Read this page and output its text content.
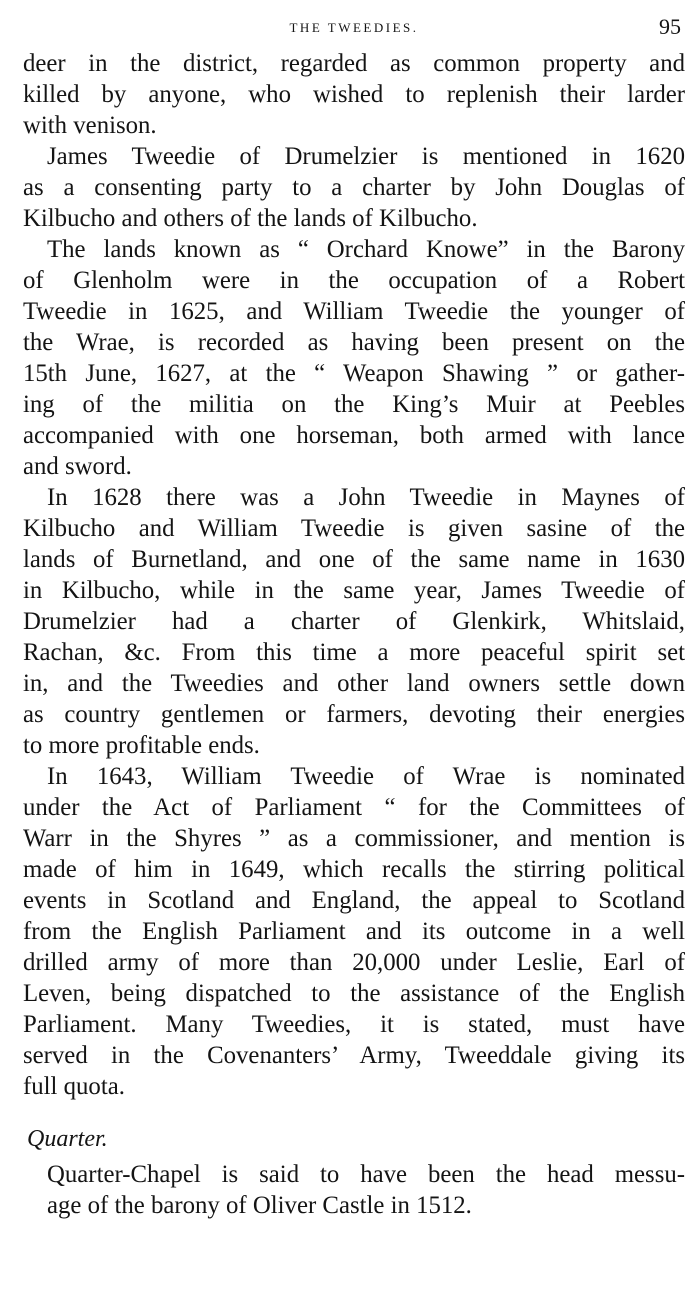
THE TWEEDIES.	95

deer in the district, regarded as common property and
killed by anyone, who wished to replenish their larder
with venison.

James Tweedie of Drumelzier is mentioned in 1620
as a consenting party to a charter by John Douglas of
Kilbucho and others of the lands of Kilbucho.

The lands known as “ Orchard Knowe” in the Barony
of Glenholm were in the occupation of a Robert
Tweedie in 1625, and William Tweedie the younger of
the Wrae, is recorded as having been present on the
15th June, 1627, at the “ Weapon Shawing ” or gather-
ing of the militia on the King’s Muir at Peebles
accompanied with one horseman, both armed with lance
and sword.

In 1628 there was a John Tweedie in Maynes of
Kilbucho and William Tweedie is given sasine of the
lands of Burnetland, and one of the same name in 1630
in Kilbucho, while in the same year, James Tweedie of
Drumelzier had a charter of Glenkirk, Whitslaid,
Rachan, &c. From this time a more peaceful spirit set
in, and the Tweedies and other land owners settle down
as country gentlemen or farmers, devoting their energies
to more profitable ends.

In 1643, William Tweedie of Wrae is nominated
under the Act of Parliament “ for the Committees of
Warr in the Shyres ” as a commissioner, and mention is
made of him in 1649, which recalls the stirring political
events in Scotland and England, the appeal to Scotland
from the English Parliament and its outcome in a well
drilled army of more than 20,000 under Leslie, Earl of
Leven, being dispatched to the assistance of the English
Parliament. Many Tweedies, it is stated, must have
served in the Covenanters’ Army, Tweeddale giving its
full quota.

Quarter.

Quarter-Chapel is said to have been the head messu-
age of the barony of Oliver Castle in 1512.
